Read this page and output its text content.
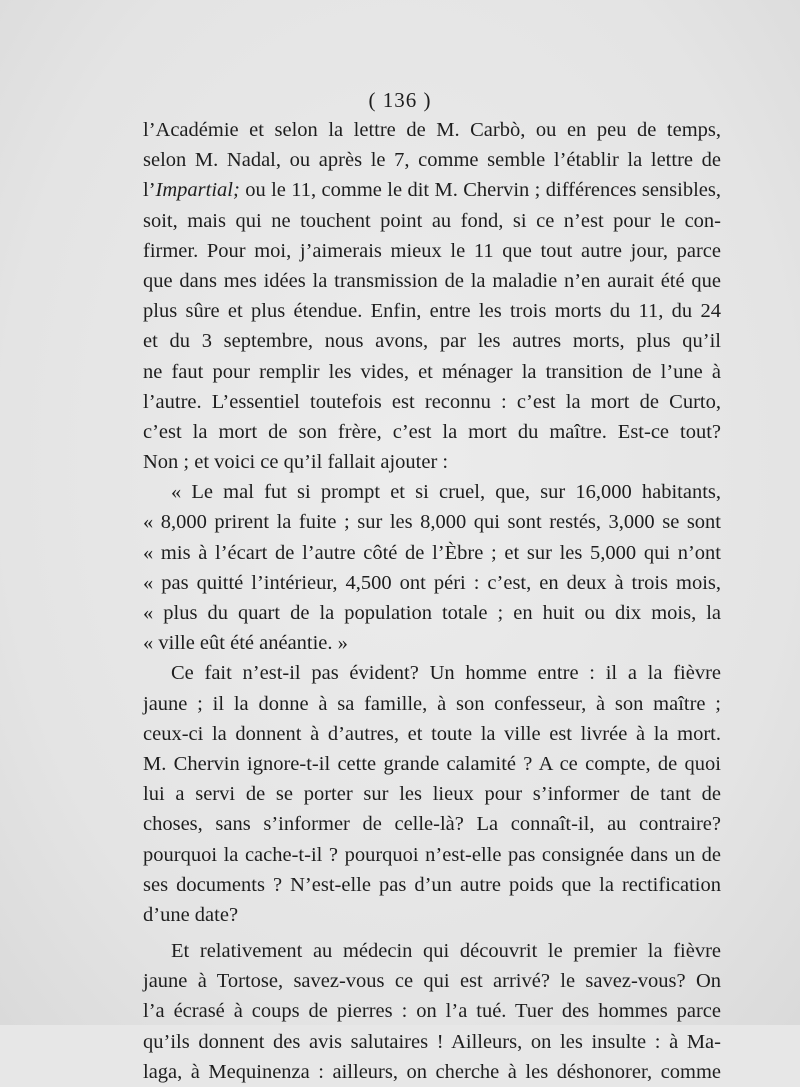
( 136 )
l’Académie et selon la lettre de M. Carbò, ou en peu de temps,
selon M. Nadal, ou après le 7, comme semble l’établir la lettre de
l’Impartial; ou le 11, comme le dit M. Chervin ; différences sensibles,
soit, mais qui ne touchent point au fond, si ce n’est pour le con-
firmer. Pour moi, j’aimerais mieux le 11 que tout autre jour, parce
que dans mes idées la transmission de la maladie n’en aurait été que
plus sûre et plus étendue. Enfin, entre les trois morts du 11, du 24
et du 3 septembre, nous avons, par les autres morts, plus qu’il
ne faut pour remplir les vides, et ménager la transition de l’une à
l’autre. L’essentiel toutefois est reconnu : c’est la mort de Curto,
c’est la mort de son frère, c’est la mort du maître. Est-ce tout?
Non ; et voici ce qu’il fallait ajouter :
« Le mal fut si prompt et si cruel, que, sur 16,000 habitants,
« 8,000 prirent la fuite ; sur les 8,000 qui sont restés, 3,000 se sont
« mis à l’écart de l’autre côté de l’Èbre ; et sur les 5,000 qui n’ont
« pas quitté l’intérieur, 4,500 ont péri : c’est, en deux à trois mois,
« plus du quart de la population totale ; en huit ou dix mois, la
« ville eût été anéantie. »
Ce fait n’est-il pas évident? Un homme entre : il a la fièvre
jaune ; il la donne à sa famille, à son confesseur, à son maître ;
ceux-ci la donnent à d’autres, et toute la ville est livrée à la mort.
M. Chervin ignore-t-il cette grande calamité ? A ce compte, de quoi
lui a servi de se porter sur les lieux pour s’informer de tant de
choses, sans s’informer de celle-là? La connaît-il, au contraire?
pourquoi la cache-t-il ? pourquoi n’est-elle pas consignée dans un de
ses documents ? N’est-elle pas d’un autre poids que la rectification
d’une date?
Et relativement au médecin qui découvrit le premier la fièvre
jaune à Tortose, savez-vous ce qui est arrivé? le savez-vous? On
l’a écrasé à coups de pierres : on l’a tué. Tuer des hommes parce
qu’ils donnent des avis salutaires ! Ailleurs, on les insulte : à Ma-
laga, à Mequinenza : ailleurs, on cherche à les déshonorer, comme
